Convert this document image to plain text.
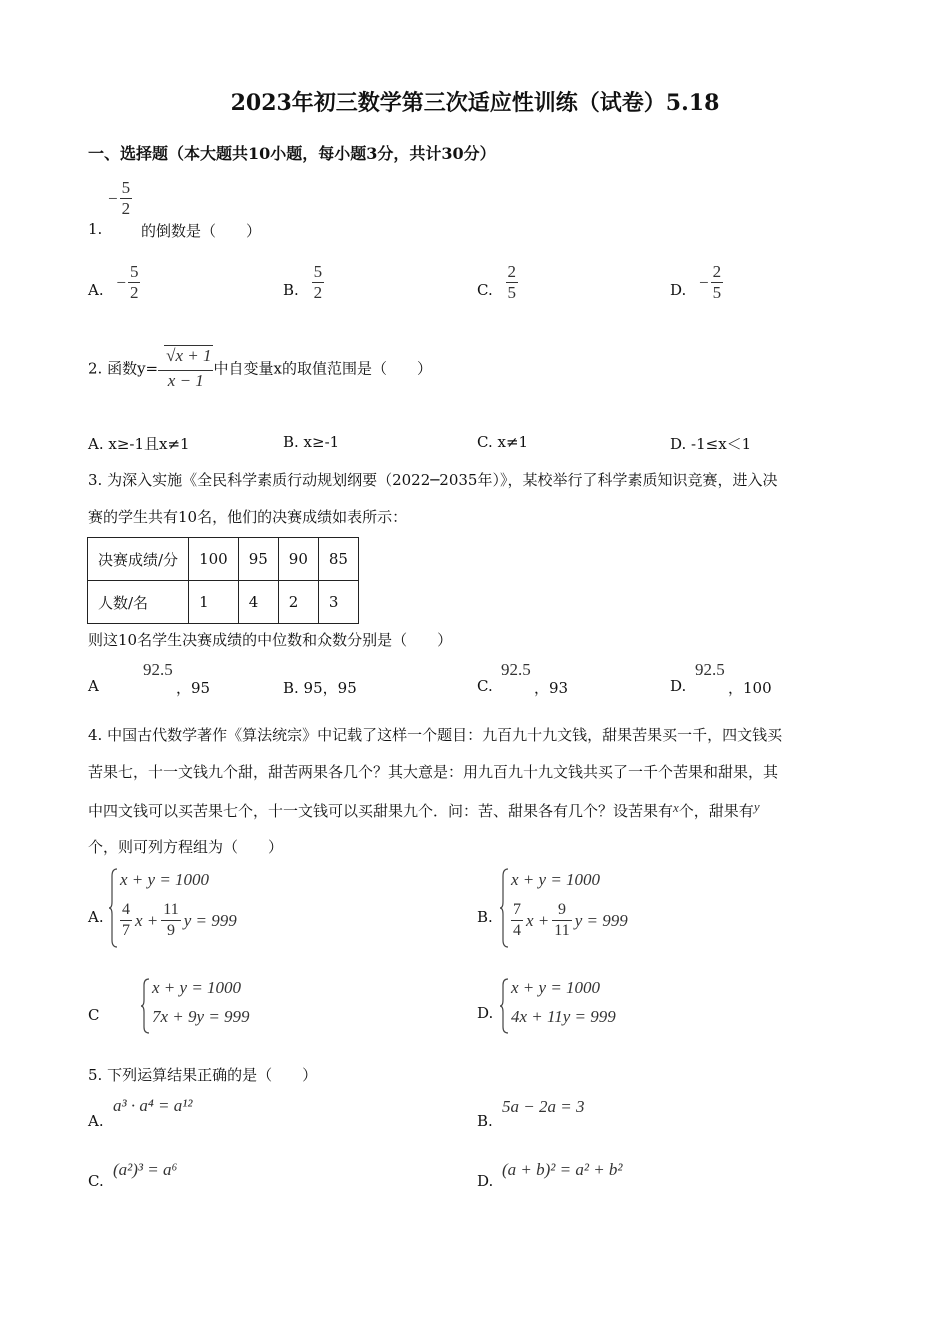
2023年初三数学第三次适应性训练（试卷）5.18
一、选择题（本大题共10小题，每小题3分，共计30分）
− $\frac{5}{2}$
1.	的倒数是（　　）
A. − $\frac{5}{2}$	B. $\frac{5}{2}$	C. $\frac{2}{5}$	D. − $\frac{2}{5}$
2. 函数$y= \frac{√x + 1}{x - 1}$ 中自变量x的取值范围是（　　）
A. x≥-1且x≠1	B. x≥-1	C. x≠1	D. -1≤x＜1
3. 为深入实施《全民科学素质行动规划纲要（2022─2035年）》，某校举行了科学素质知识竞赛，进入决
赛的学生共有10名，他们的决赛成绩如表所示：
决赛成绩/分	100	95	90	85
人数/名	1	4	2	3
则这10名学生决赛成绩的中位数和众数分别是（　　）
A
92.5
，95	B. 95，95	C.
92.5
，93	D.
92.5
，100
4. 中国古代数学著作《算法统宗》中记载了这样一个题目：九百九十九文钱，甜果苦果买一千，四文钱买
苦果七，十一文钱九个甜，甜苦两果各几个？其大意是：用九百九十九文钱共买了一千个苦果和甜果，其
中四文钱可以买苦果七个，十一文钱可以买甜果九个．问：苦、甜果各有几个？设苦果有x个，甜果有y
个，则可列方程组为（　　）
A.
x + y = 1000
$\frac{4}{7}$ $x + \frac{11}{9}$ y = 999	B.
x + y = 1000
$\frac{7}{4}$ $x + \frac{9}{11}$ y = 999
C
x + y = 1000
7x + 9y = 999	D.
x + y = 1000
4x + 11y = 999
5. 下列运算结果正确的是（　　）
A.
a³ · a⁴ = a¹²
B.
5a − 2a = 3
C.
(a²)³ = a⁶
D.
(a + b)² = a² + b²
